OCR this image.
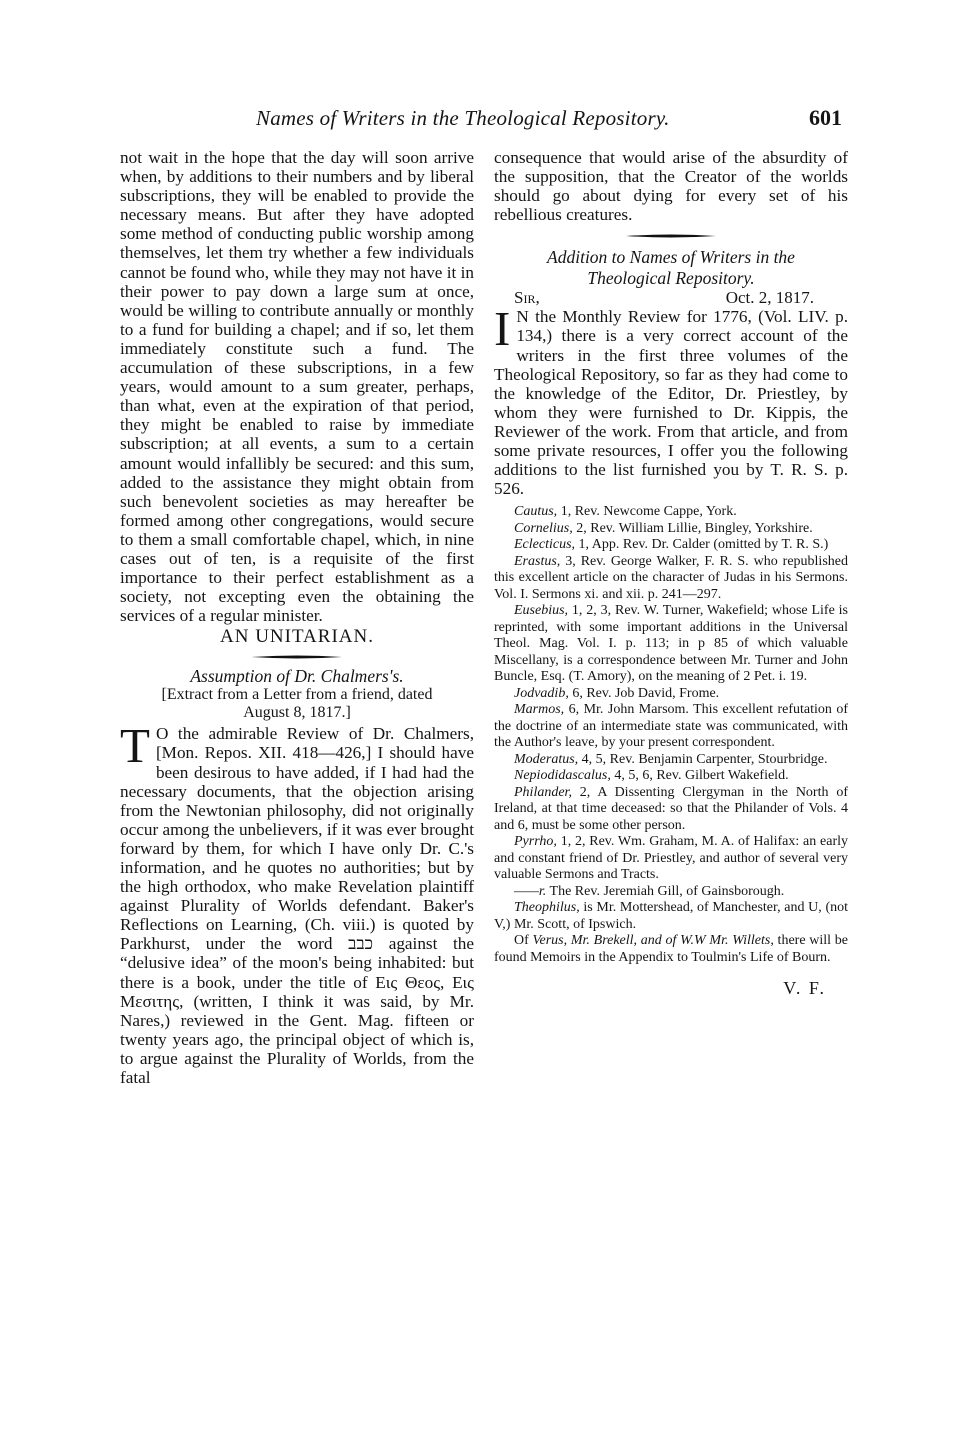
Names of Writers in the Theological Repository.	601

not wait in the hope that the day will soon arrive when, by additions to their numbers and by liberal subscriptions, they will be enabled to provide the necessary means. But after they have adopted some method of conducting public worship among themselves, let them try whether a few individuals cannot be found who, while they may not have it in their power to pay down a large sum at once, would be willing to contribute annually or monthly to a fund for building a chapel; and if so, let them immediately constitute such a fund. The accumulation of these subscriptions, in a few years, would amount to a sum greater, perhaps, than what, even at the expiration of that period, they might be enabled to raise by immediate subscription; at all events, a sum to a certain amount would infallibly be secured: and this sum, added to the assistance they might obtain from such benevolent societies as may hereafter be formed among other congregations, would secure to them a small comfortable chapel, which, in nine cases out of ten, is a requisite of the first importance to their perfect establishment as a society, not excepting even the obtaining the services of a regular minister.

AN UNITARIAN.

Assumption of Dr. Chalmers's.

[Extract from a Letter from a friend, dated

August 8, 1817.]

T O the admirable Review of Dr. Chalmers, [Mon. Repos. XII. 418—426,] I should have been desirous to have added, if I had had the necessary documents, that the objection arising from the Newtonian philosophy, did not originally occur among the unbelievers, if it was ever brought forward by them, for which I have only Dr. C.'s information, and he quotes no authorities; but by the high orthodox, who make Revelation plaintiff against Plurality of Worlds defendant. Baker's Reflections on Learning, (Ch. viii.) is quoted by Parkhurst, under the word כבב against the “delusive idea” of the moon's being inhabited: but there is a book, under the title of Εις Θεος, Εις Μεσιτης, (written, I think it was said, by Mr. Nares,) reviewed in the Gent. Mag. fifteen or twenty years ago, the principal object of which is, to argue against the Plurality of Worlds, from the fatal

consequence that would arise of the absurdity of the supposition, that the Creator of the worlds should go about dying for every set of his rebellious creatures.

Addition to Names of Writers in the

Theological Repository.

Sir,	Oct. 2, 1817.

I N the Monthly Review for 1776, (Vol. LIV. p. 134,) there is a very correct account of the writers in the first three volumes of the Theological Repository, so far as they had come to the knowledge of the Editor, Dr. Priestley, by whom they were furnished to Dr. Kippis, the Reviewer of the work. From that article, and from some private resources, I offer you the following additions to the list furnished you by T. R. S. p. 526.

Cautus, 1, Rev. Newcome Cappe, York.

Cornelius, 2, Rev. William Lillie, Bingley, Yorkshire.

Eclecticus, 1, App. Rev. Dr. Calder (omitted by T. R. S.)

Erastus, 3, Rev. George Walker, F. R. S. who republished this excellent article on the character of Judas in his Sermons. Vol. I. Sermons xi. and xii. p. 241—297.

Eusebius, 1, 2, 3, Rev. W. Turner, Wakefield; whose Life is reprinted, with some important additions in the Universal Theol. Mag. Vol. I. p. 113; in p 85 of which valuable Miscellany, is a correspondence between Mr. Turner and John Buncle, Esq. (T. Amory), on the meaning of 2 Pet. i. 19.

Jodvadib, 6, Rev. Job David, Frome.

Marmos, 6, Mr. John Marsom. This excellent refutation of the doctrine of an intermediate state was communicated, with the Author's leave, by your present correspondent.

Moderatus, 4, 5, Rev. Benjamin Carpenter, Stourbridge.

Nepiodidascalus, 4, 5, 6, Rev. Gilbert Wakefield.

Philander, 2, A Dissenting Clergyman in the North of Ireland, at that time deceased: so that the Philander of Vols. 4 and 6, must be some other person.

Pyrrho, 1, 2, Rev. Wm. Graham, M. A. of Halifax: an early and constant friend of Dr. Priestley, and author of several very valuable Sermons and Tracts.

——r. The Rev. Jeremiah Gill, of Gainsborough.

Theophilus, is Mr. Mottershead, of Manchester, and U, (not V,) Mr. Scott, of Ipswich.

Of Verus, Mr. Brekell, and of W.W Mr. Willets, there will be found Memoirs in the Appendix to Toulmin's Life of Bourn.

V. F.
